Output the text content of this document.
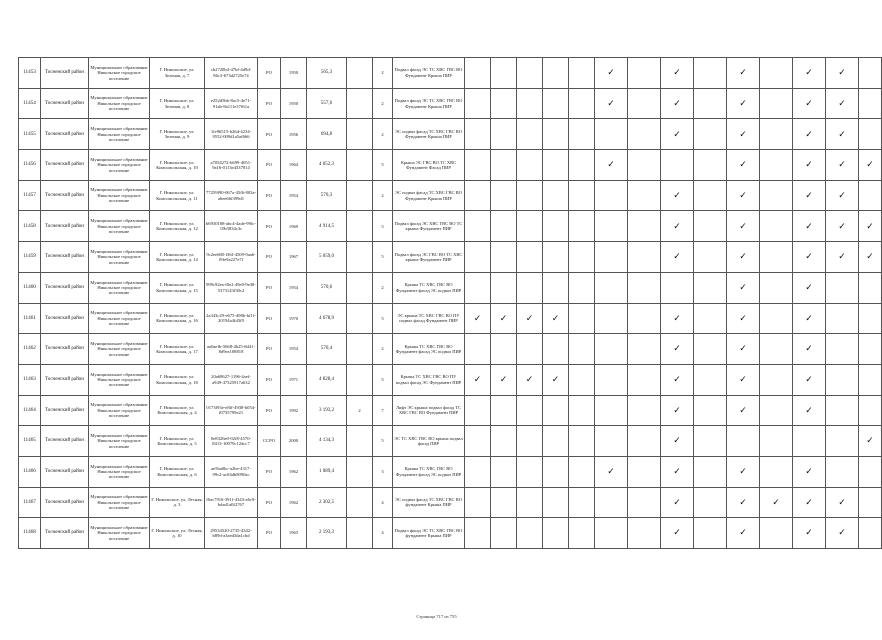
11453	Тосненский район	Муниципальное образование Никольское городское поселение	Г. Никольское, ул. Зеленая, д. 7	cb2720b4-47bf-4d9d-86c3-673d2725e74	РО	1950	565,3		2	Подвал фасад ЭС ТС ХВС ГВС ВО Фундамент Крыша ПИР						✓		✓		✓		✓	✓	
11454	Тосненский район	Муниципальное образование Никольское городское поселение	Г. Никольское, ул. Зеленая, д. 8	e252d5bb-8ac5-4e71-91ab-8a111e37f61a	РО	1950	557,6		2	Подвал фасад ЭС ТС ХВС ГВС ВО Фундамент Крыша ПИР						✓		✓		✓		✓	✓	
11455	Тосненский район	Муниципальное образование Никольское городское поселение	Г. Никольское, ул. Зеленая, д. 9	1fe96515-b26d-4234-9552-009d1a5af666	РО	1956	694,8		2	ЭС подвал фасад ТС ХВС ГВС ВО Фундамент Крыша ПИР								✓		✓		✓	✓	
11456	Тосненский район	Муниципальное образование Никольское городское поселение	Г. Никольское, ул. Комсомольская, д. 10	a7054272-b699-4651-9a16-0113e4337814	РО	1964	4 052,3		5	Крыша ЭС ГВС ВО ТС ХВС Фундамент Фасад ПИР						✓				✓		✓	✓	✓
11457	Тосненский район	Муниципальное образование Никольское городское поселение	Г. Никольское, ул. Комсомольская, д. 11	77259f90-067a-45f6-803a-a6ee66f399d1	РО	1954	570,3		2	ЭС подвал фасад ТС ХВС ГВС ВО Фундамент Крыша ПИР								✓		✓		✓	✓	
11458	Тосненский район	Муниципальное образование Никольское городское поселение	Г. Никольское, ул. Комсомольская, д. 12	b6930188-abc4-4ade-99fc-10b3834c3c	РО	1969	4 914,5		5	Подвал фасад ЭС ХВС ГВС ВО ТС крыша Фундамент ПИР								✓		✓		✓	✓	✓
11459	Тосненский район	Муниципальное образование Никольское городское поселение	Г. Никольское, ул. Комсомольская, д. 14	9c2ee680-f36f-4509-9aa6-f9fe9a227e7f	РО	1967	5 059,0		5	Подвал фасад ЭС ГВС ВО ТС ХВС крыша Фундамент ПИР								✓		✓		✓	✓	✓
11460	Тосненский район	Муниципальное образование Никольское городское поселение	Г. Никольское, ул. Комсомольская, д. 15	999c92ea-f0e2-49e0-9e38-5373143f30c2	РО	1954	570,6		2	Крыша ТС ХВС ГВС ВО Фундамент фасад ЭС подвал ПИР										✓		✓		
11461	Тосненский район	Муниципальное образование Никольское городское поселение	Г. Никольское, ул. Комсомольская, д. 16	2a343c29-e675-490b-bf1f-20194a4fd3f9	РО	1970	4 678,9		5	ЭС крыша ТС ХВС ГВС ВО ПУ подвал фасад Фундамент ПИР	✓	✓	✓	✓				✓		✓		✓		
11462	Тосненский район	Муниципальное образование Никольское городское поселение	Г. Никольское, ул. Комсомольская, д. 17	aa0aefb-5668-4b25-8d41-8d9ea108818	РО	1954	570,4		2	Крыша ТС ХВС ГВС ВО Фундамент фасад ЭС подвал ПИР								✓		✓		✓		
11463	Тосненский район	Муниципальное образование Никольское городское поселение	Г. Никольское, ул. Комсомольская, д. 18	20a68627-1196-4aef-a949-47325917a632	РО	1971	4 828,4		5	Крыша ТС ХВС ГВС ВО ПУ подвал фасад ЭС Фундамент ПИР	✓	✓	✓	✓				✓		✓		✓		
11464	Тосненский район	Муниципальное образование Никольское городское поселение	Г. Никольское, ул. Комсомольская, д. 4	0173f93e-e8ff-4938-b054-f0735799e21	РО	1992	3 193,2	2	7	Лифт ЭС крыша подвал фасад ТС ХВС ГВС ВО Фундамент ПИР								✓		✓		✓		
11465	Тосненский район	Муниципальное образование Никольское городское поселение	Г. Никольское, ул. Комсомольская, д. 5	0e8326e0-92f8-4570-8413-10079c12dcc7	ССРО	2000	4 134,3		5	ЭС ТС ХВС ГВС ВО крыша подвал фасад ПИР								✓						✓
11466	Тосненский район	Муниципальное образование Никольское городское поселение	Г. Никольское, ул. Комсомольская, д. 6	ae5ba0bc-a2be-4317-99c2-ac04db8090ac	РО	1962	1 089,4		3	Крыша ТС ХВС ГВС ВО Фундамент фасад ЭС подвал ПИР						✓		✓		✓		✓		
11467	Тосненский район	Муниципальное образование Никольское городское поселение	Г. Никольское, ул. Лесная, д. 3	f0ac7916-391f-4343-a6c9-bdad1a0f2767	РО	1962	2 302,5		4	ЭС подвал фасад ТС ХВС ГВС ВО фундамент Крыша ПИР								✓		✓	✓	✓	✓	
11468	Тосненский район	Муниципальное образование Никольское городское поселение	Г. Никольское, ул. Лесная, д. 10	29534520-2735-4342-b89d-a3aed3da1cbd	РО	1963	2 193,3		4	Подвал фасад ЭС ТС ХВС ГВС ВО фундамент Крыша ПИР								✓		✓		✓	✓	
Страница 717 из 755
